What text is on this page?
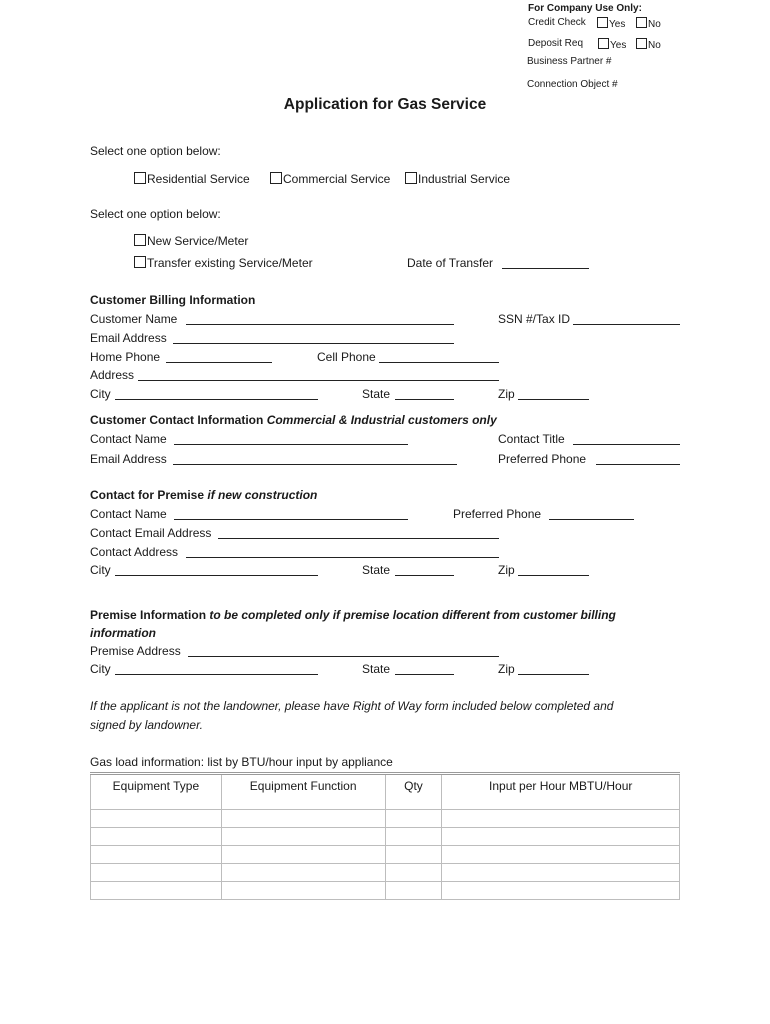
For Company Use Only:
Credit Check	Yes	No
Deposit Req	Yes	No
Business Partner #
Connection Object #
Application for Gas Service
Select one option below:
Residential Service	Commercial Service	Industrial Service
Select one option below:
New Service/Meter
Transfer existing Service/Meter	Date of Transfer
Customer Billing Information
Customer Name	SSN #/Tax ID
Email Address
Home Phone	Cell Phone
Address
City	State	Zip
Customer Contact Information Commercial & Industrial customers only
Contact Name	Contact Title
Email Address	Preferred Phone
Contact for Premise if new construction
Contact Name	Preferred Phone
Contact Email Address
Contact Address
City	State	Zip
Premise Information to be completed only if premise location different from customer billing
information
Premise Address
City	State	Zip
If the applicant is not the landowner, please have Right of Way form included below completed and
signed by landowner.
Gas load information: list by BTU/hour input by appliance
Equipment Type	Equipment Function	Qty	Input per Hour MBTU/Hour
